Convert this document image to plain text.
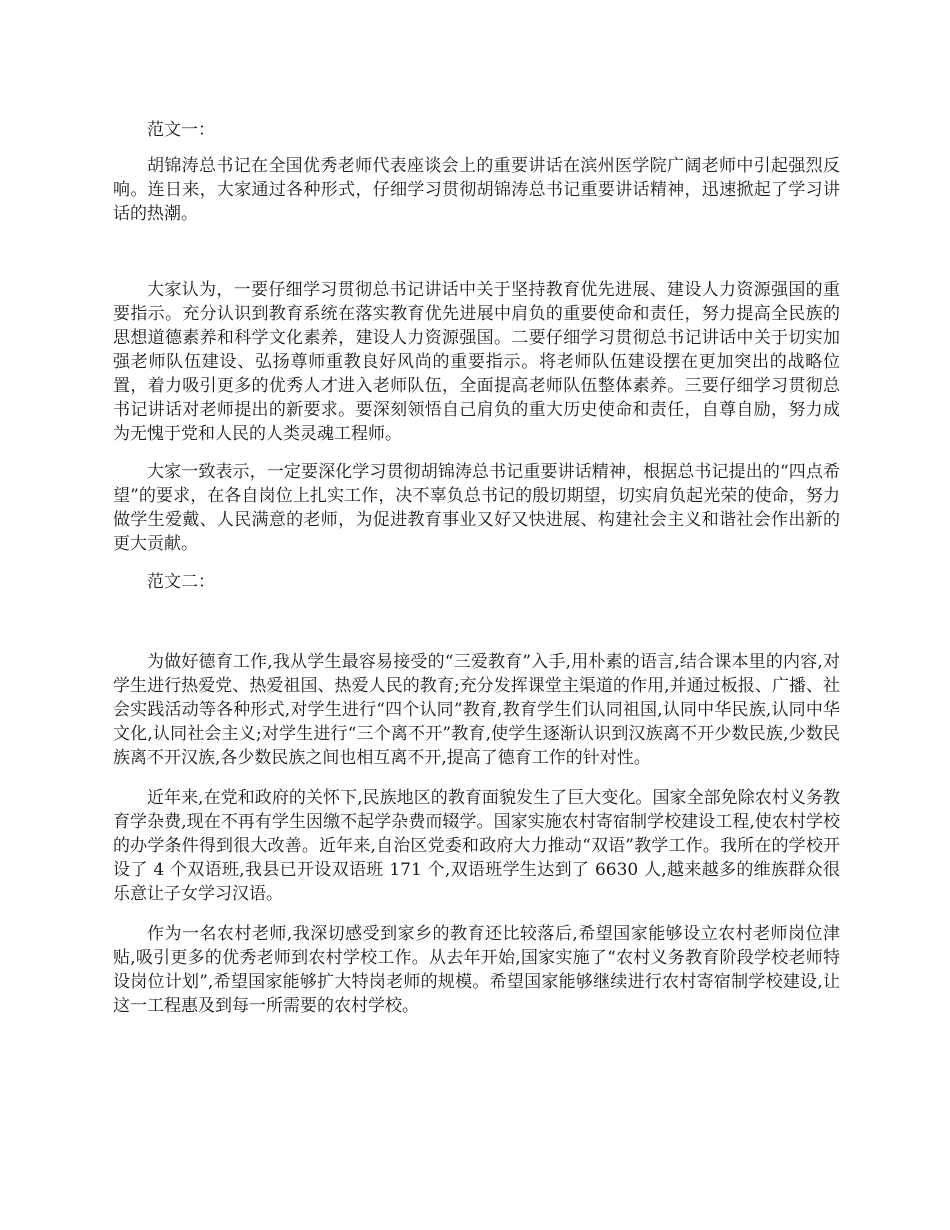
范文一：

胡锦涛总书记在全国优秀老师代表座谈会上的重要讲话在滨州医学院广阔老师中引起强烈反响。连日来，大家通过各种形式，仔细学习贯彻胡锦涛总书记重要讲话精神，迅速掀起了学习讲话的热潮。

大家认为，一要仔细学习贯彻总书记讲话中关于坚持教育优先进展、建设人力资源强国的重要指示。充分认识到教育系统在落实教育优先进展中肩负的重要使命和责任，努力提高全民族的思想道德素养和科学文化素养，建设人力资源强国。二要仔细学习贯彻总书记讲话中关于切实加强老师队伍建设、弘扬尊师重教良好风尚的重要指示。将老师队伍建设摆在更加突出的战略位置，着力吸引更多的优秀人才进入老师队伍，全面提高老师队伍整体素养。三要仔细学习贯彻总书记讲话对老师提出的新要求。要深刻领悟自己肩负的重大历史使命和责任，自尊自励，努力成为无愧于党和人民的人类灵魂工程师。

大家一致表示，一定要深化学习贯彻胡锦涛总书记重要讲话精神，根据总书记提出的“四点希望”的要求，在各自岗位上扎实工作，决不辜负总书记的殷切期望，切实肩负起光荣的使命，努力做学生爱戴、人民满意的老师，为促进教育事业又好又快进展、构建社会主义和谐社会作出新的更大贡献。

范文二：

为做好德育工作,我从学生最容易接受的“三爱教育”入手,用朴素的语言,结合课本里的内容,对学生进行热爱党、热爱祖国、热爱人民的教育;充分发挥课堂主渠道的作用,并通过板报、广播、社会实践活动等各种形式,对学生进行“四个认同”教育,教育学生们认同祖国,认同中华民族,认同中华文化,认同社会主义;对学生进行“三个离不开”教育,使学生逐渐认识到汉族离不开少数民族,少数民族离不开汉族,各少数民族之间也相互离不开,提高了德育工作的针对性。

近年来,在党和政府的关怀下,民族地区的教育面貌发生了巨大变化。国家全部免除农村义务教育学杂费,现在不再有学生因缴不起学杂费而辍学。国家实施农村寄宿制学校建设工程,使农村学校的办学条件得到很大改善。近年来,自治区党委和政府大力推动“双语”教学工作。我所在的学校开设了 4 个双语班,我县已开设双语班 171 个,双语班学生达到了 6630 人,越来越多的维族群众很乐意让子女学习汉语。

作为一名农村老师,我深切感受到家乡的教育还比较落后,希望国家能够设立农村老师岗位津贴,吸引更多的优秀老师到农村学校工作。从去年开始,国家实施了“农村义务教育阶段学校老师特设岗位计划”,希望国家能够扩大特岗老师的规模。希望国家能够继续进行农村寄宿制学校建设,让这一工程惠及到每一所需要的农村学校。
